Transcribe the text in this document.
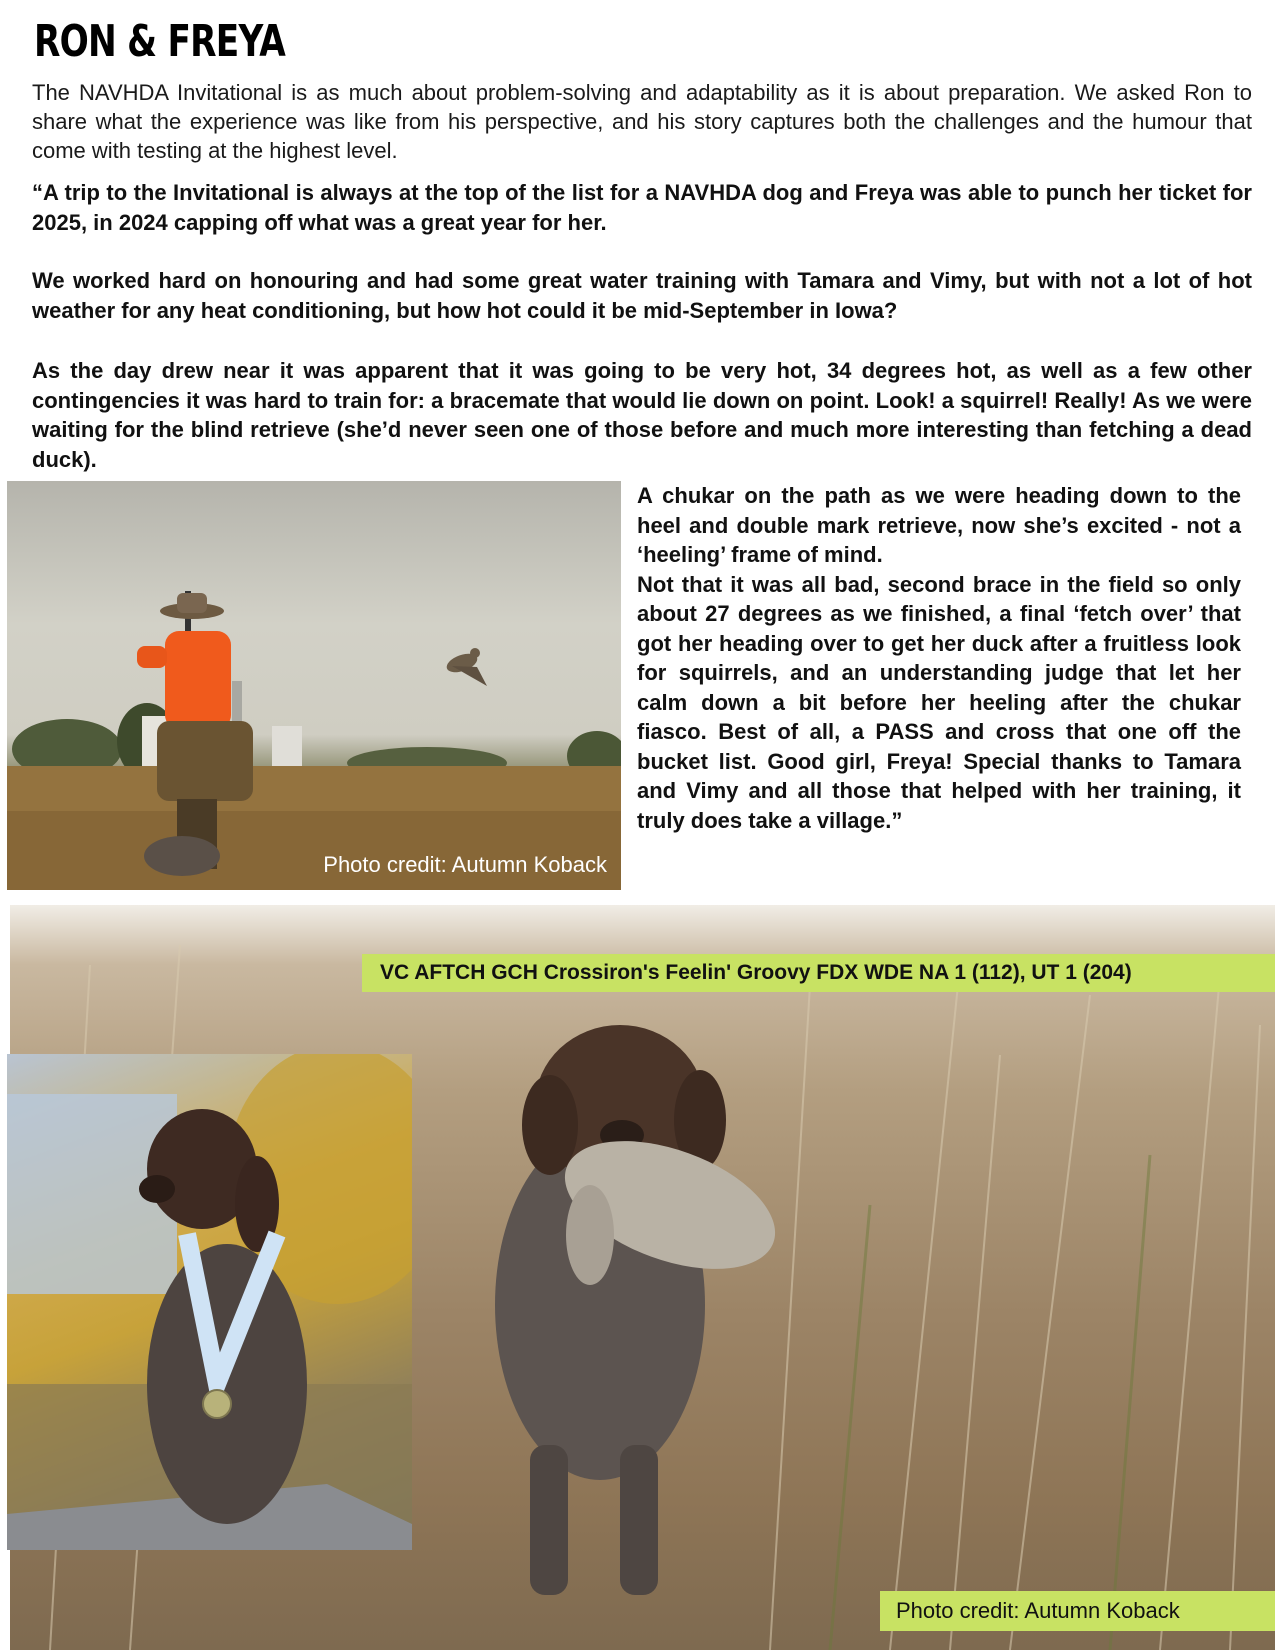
RON & FREYA
The NAVHDA Invitational is as much about problem-solving and adaptability as it is about preparation. We asked Ron to share what the experience was like from his perspective, and his story captures both the challenges and the humour that come with testing at the highest level.
“A trip to the Invitational is always at the top of the list for a NAVHDA dog and Freya was able to punch her ticket for 2025, in 2024 capping off what was a great year for her.
We worked hard on honouring and had some great water training with Tamara and Vimy, but with not a lot of hot weather for any heat conditioning, but how hot could it be mid-September in Iowa?
As the day drew near it was apparent that it was going to be very hot, 34 degrees hot, as well as a few other contingencies it was hard to train for: a bracemate that would lie down on point. Look! a squirrel! Really! As we were waiting for the blind retrieve (she’d never seen one of those before and much more interesting than fetching a dead duck).
Photo credit: Autumn Koback
A chukar on the path as we were heading down to the heel and double mark retrieve, now she’s excited - not a ‘heeling’ frame of mind.
Not that it was all bad, second brace in the field so only about 27 degrees as we finished, a final ‘fetch over’ that got her heading over to get her duck after a fruitless look for squirrels, and an understanding judge that let her calm down a bit before her heeling after the chukar fiasco. Best of all, a PASS and cross that one off the bucket list. Good girl, Freya! Special thanks to Tamara and Vimy and all those that helped with her training, it truly does take a village.”
VC AFTCH GCH Crossiron's Feelin' Groovy FDX WDE NA 1 (112), UT 1 (204)
Photo credit: Autumn Koback
